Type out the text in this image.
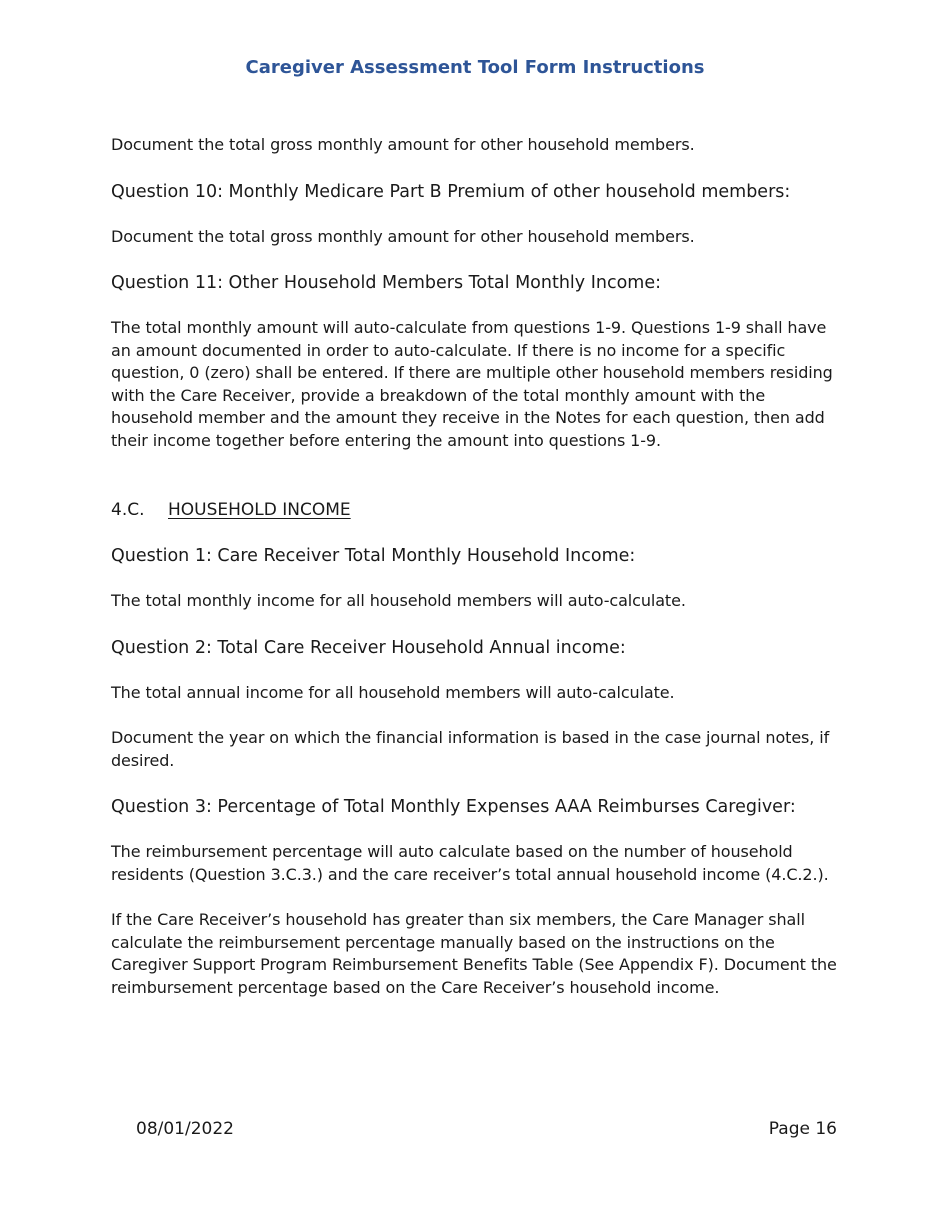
Caregiver Assessment Tool Form Instructions

Document the total gross monthly amount for other household members.

Question 10: Monthly Medicare Part B Premium of other household members:

Document the total gross monthly amount for other household members.

Question 11: Other Household Members Total Monthly Income:

The total monthly amount will auto-calculate from questions 1-9. Questions 1-9 shall have an amount documented in order to auto-calculate. If there is no income for a specific question, 0 (zero) shall be entered. If there are multiple other household members residing with the Care Receiver, provide a breakdown of the total monthly amount with the household member and the amount they receive in the Notes for each question, then add their income together before entering the amount into questions 1-9.

4.C. HOUSEHOLD INCOME

Question 1: Care Receiver Total Monthly Household Income:

The total monthly income for all household members will auto-calculate.

Question 2: Total Care Receiver Household Annual income:

The total annual income for all household members will auto-calculate.

Document the year on which the financial information is based in the case journal notes, if desired.

Question 3: Percentage of Total Monthly Expenses AAA Reimburses Caregiver:

The reimbursement percentage will auto calculate based on the number of household residents (Question 3.C.3.) and the care receiver’s total annual household income (4.C.2.).

If the Care Receiver’s household has greater than six members, the Care Manager shall calculate the reimbursement percentage manually based on the instructions on the Caregiver Support Program Reimbursement Benefits Table (See Appendix F). Document the reimbursement percentage based on the Care Receiver’s household income.

08/01/2022	Page 16
